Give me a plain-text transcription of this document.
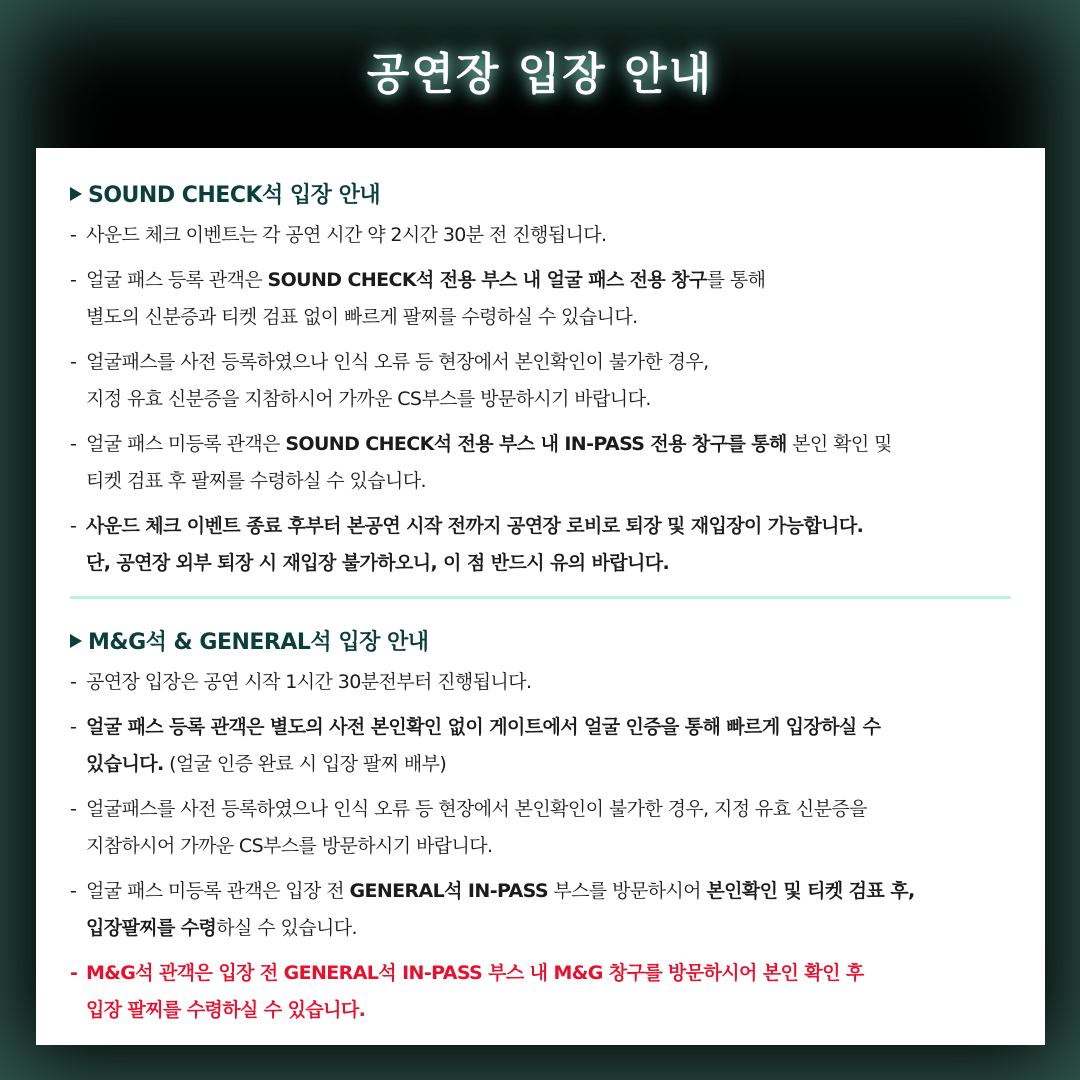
공연장 입장 안내
SOUND CHECK석 입장 안내
- 사운드 체크 이벤트는 각 공연 시간 약 2시간 30분 전 진행됩니다.
- 얼굴 패스 등록 관객은 SOUND CHECK석 전용 부스 내 얼굴 패스 전용 창구를 통해
별도의 신분증과 티켓 검표 없이 빠르게 팔찌를 수령하실 수 있습니다.
- 얼굴패스를 사전 등록하였으나 인식 오류 등 현장에서 본인확인이 불가한 경우,
지정 유효 신분증을 지참하시어 가까운 CS부스를 방문하시기 바랍니다.
- 얼굴 패스 미등록 관객은 SOUND CHECK석 전용 부스 내 IN-PASS 전용 창구를 통해 본인 확인 및
티켓 검표 후 팔찌를 수령하실 수 있습니다.
- 사운드 체크 이벤트 종료 후부터 본공연 시작 전까지 공연장 로비로 퇴장 및 재입장이 가능합니다.
단, 공연장 외부 퇴장 시 재입장 불가하오니, 이 점 반드시 유의 바랍니다.
M&G석 & GENERAL석 입장 안내
- 공연장 입장은 공연 시작 1시간 30분전부터 진행됩니다.
- 얼굴 패스 등록 관객은 별도의 사전 본인확인 없이 게이트에서 얼굴 인증을 통해 빠르게 입장하실 수
있습니다. (얼굴 인증 완료 시 입장 팔찌 배부)
- 얼굴패스를 사전 등록하였으나 인식 오류 등 현장에서 본인확인이 불가한 경우, 지정 유효 신분증을
지참하시어 가까운 CS부스를 방문하시기 바랍니다.
- 얼굴 패스 미등록 관객은 입장 전 GENERAL석 IN-PASS 부스를 방문하시어 본인확인 및 티켓 검표 후,
입장팔찌를 수령하실 수 있습니다.
- M&G석 관객은 입장 전 GENERAL석 IN-PASS 부스 내 M&G 창구를 방문하시어 본인 확인 후
입장 팔찌를 수령하실 수 있습니다.
